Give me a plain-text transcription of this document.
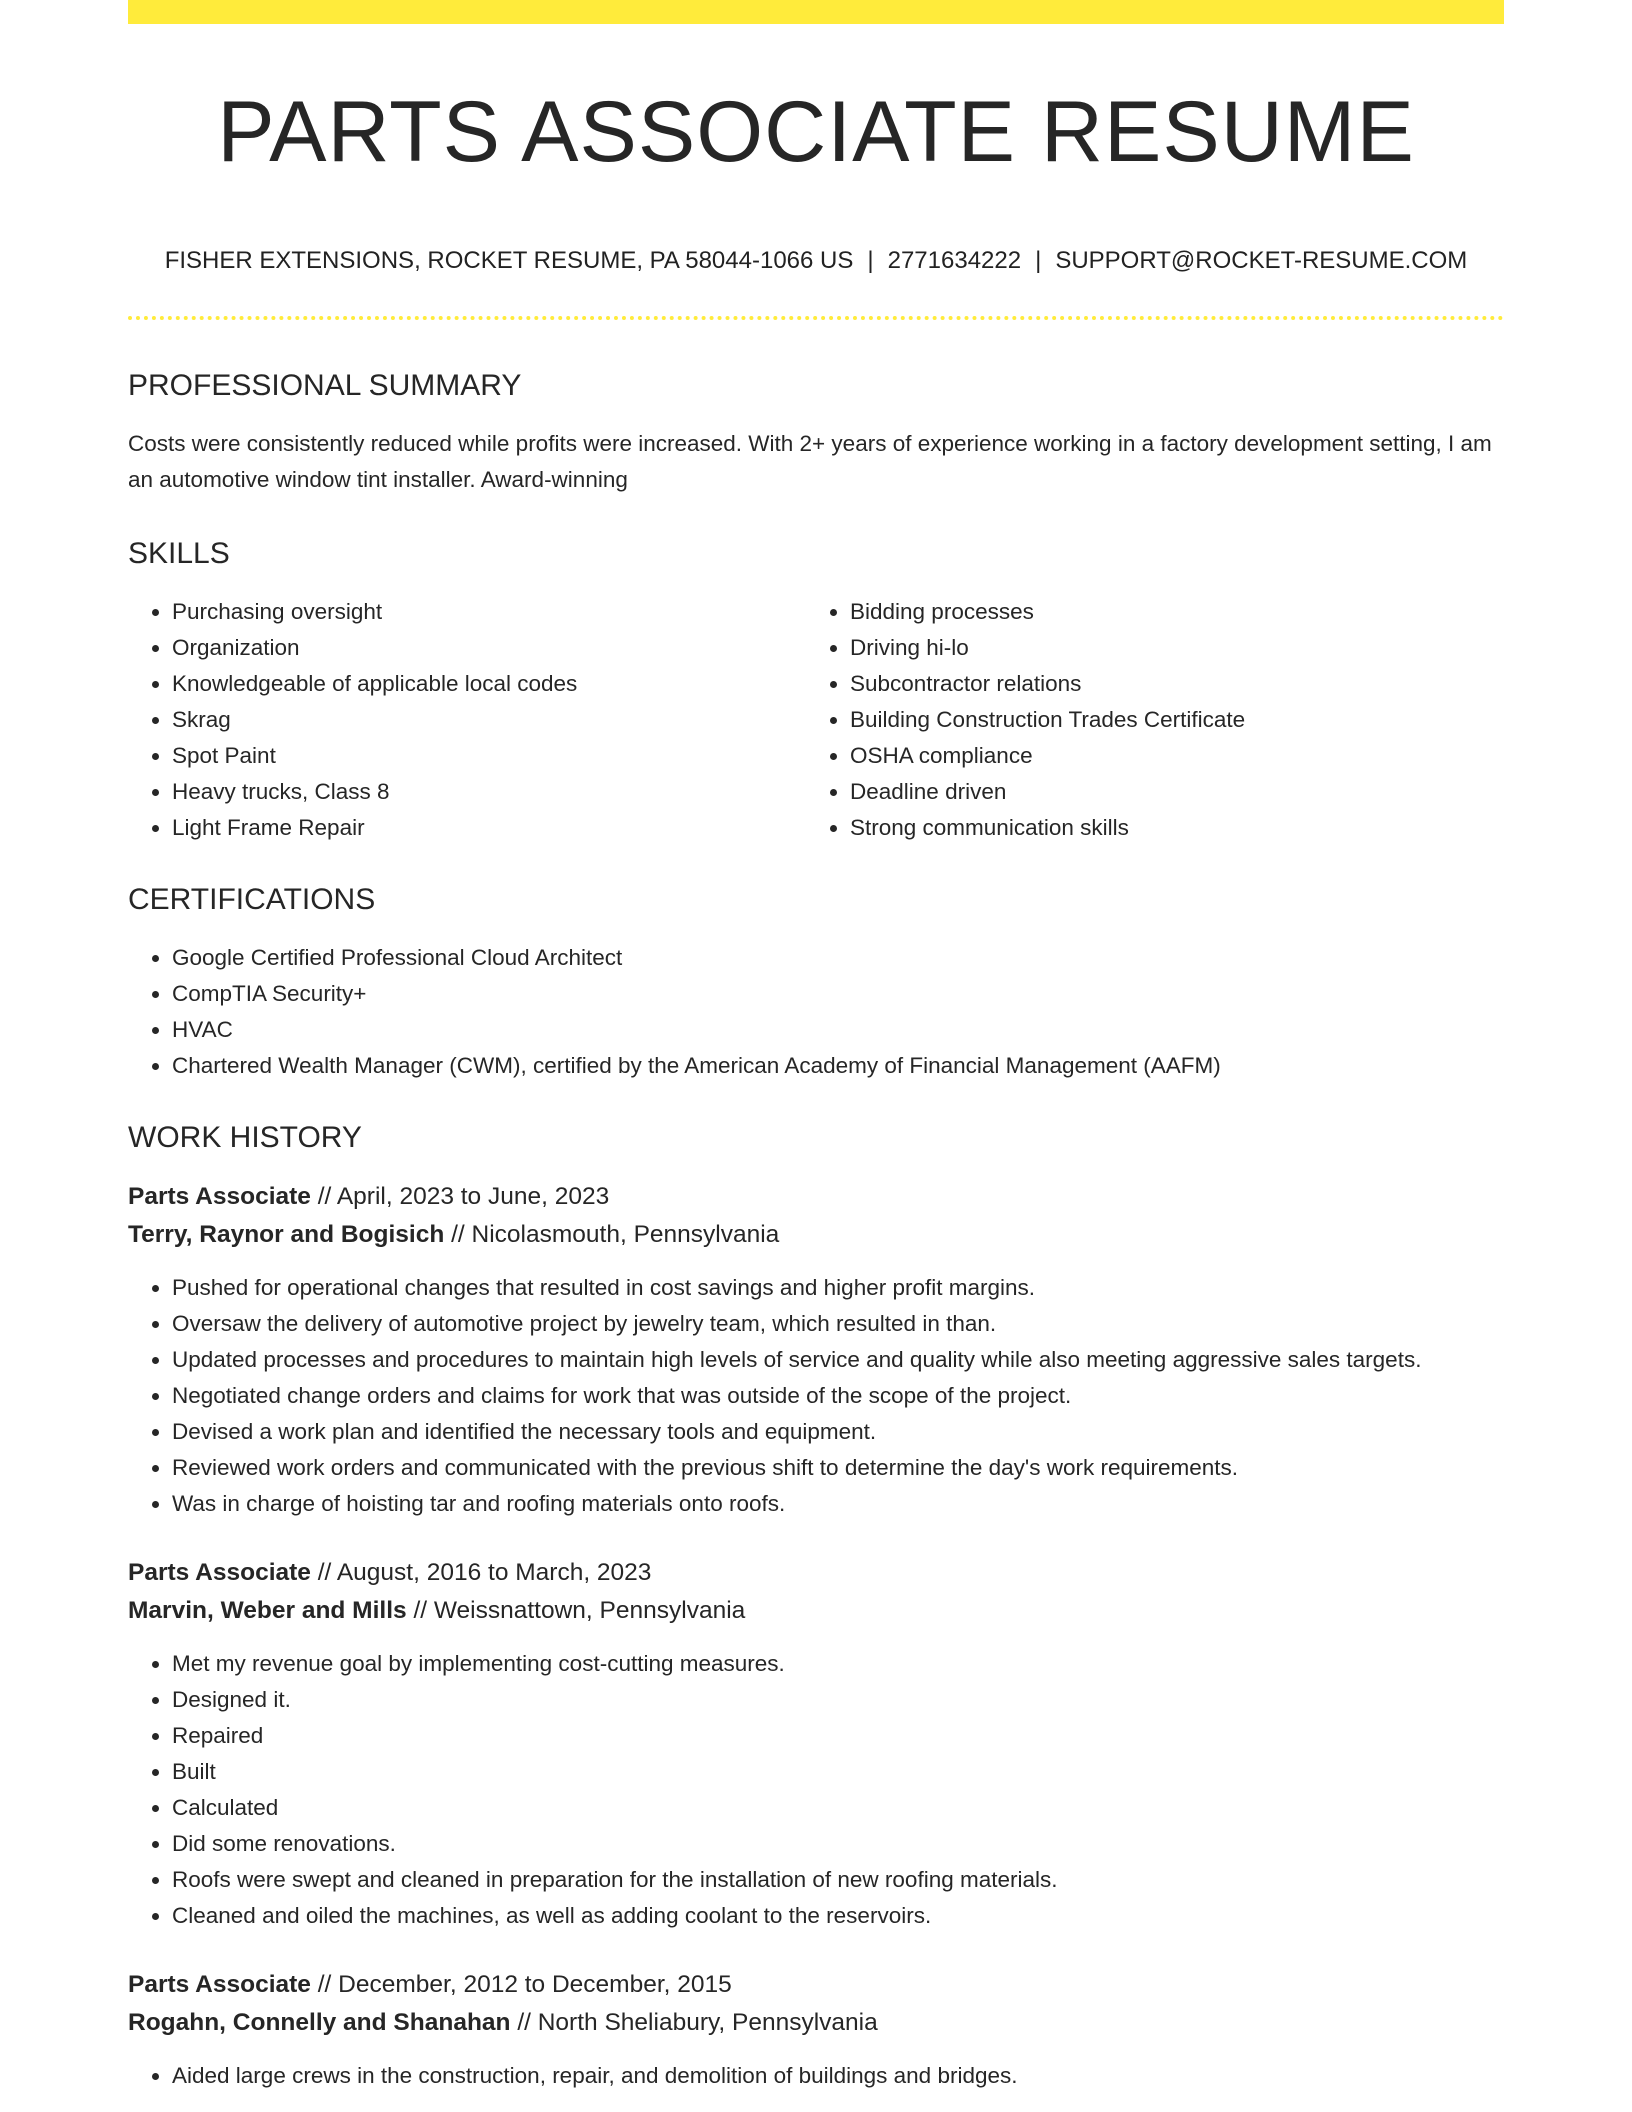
PARTS ASSOCIATE RESUME
FISHER EXTENSIONS, ROCKET RESUME, PA 58044-1066 US | 2771634222 | SUPPORT@ROCKET-RESUME.COM
PROFESSIONAL SUMMARY
Costs were consistently reduced while profits were increased. With 2+ years of experience working in a factory development setting, I am an automotive window tint installer. Award-winning
SKILLS
• Purchasing oversight
• Organization
• Knowledgeable of applicable local codes
• Skrag
• Spot Paint
• Heavy trucks, Class 8
• Light Frame Repair
• Bidding processes
• Driving hi-lo
• Subcontractor relations
• Building Construction Trades Certificate
• OSHA compliance
• Deadline driven
• Strong communication skills
CERTIFICATIONS
• Google Certified Professional Cloud Architect
• CompTIA Security+
• HVAC
• Chartered Wealth Manager (CWM), certified by the American Academy of Financial Management (AAFM)
WORK HISTORY
Parts Associate // April, 2023 to June, 2023
Terry, Raynor and Bogisich // Nicolasmouth, Pennsylvania
• Pushed for operational changes that resulted in cost savings and higher profit margins.
• Oversaw the delivery of automotive project by jewelry team, which resulted in than.
• Updated processes and procedures to maintain high levels of service and quality while also meeting aggressive sales targets.
• Negotiated change orders and claims for work that was outside of the scope of the project.
• Devised a work plan and identified the necessary tools and equipment.
• Reviewed work orders and communicated with the previous shift to determine the day's work requirements.
• Was in charge of hoisting tar and roofing materials onto roofs.
Parts Associate // August, 2016 to March, 2023
Marvin, Weber and Mills // Weissnattown, Pennsylvania
• Met my revenue goal by implementing cost-cutting measures.
• Designed it.
• Repaired
• Built
• Calculated
• Did some renovations.
• Roofs were swept and cleaned in preparation for the installation of new roofing materials.
• Cleaned and oiled the machines, as well as adding coolant to the reservoirs.
Parts Associate // December, 2012 to December, 2015
Rogahn, Connelly and Shanahan // North Sheliabury, Pennsylvania
• Aided large crews in the construction, repair, and demolition of buildings and bridges.
